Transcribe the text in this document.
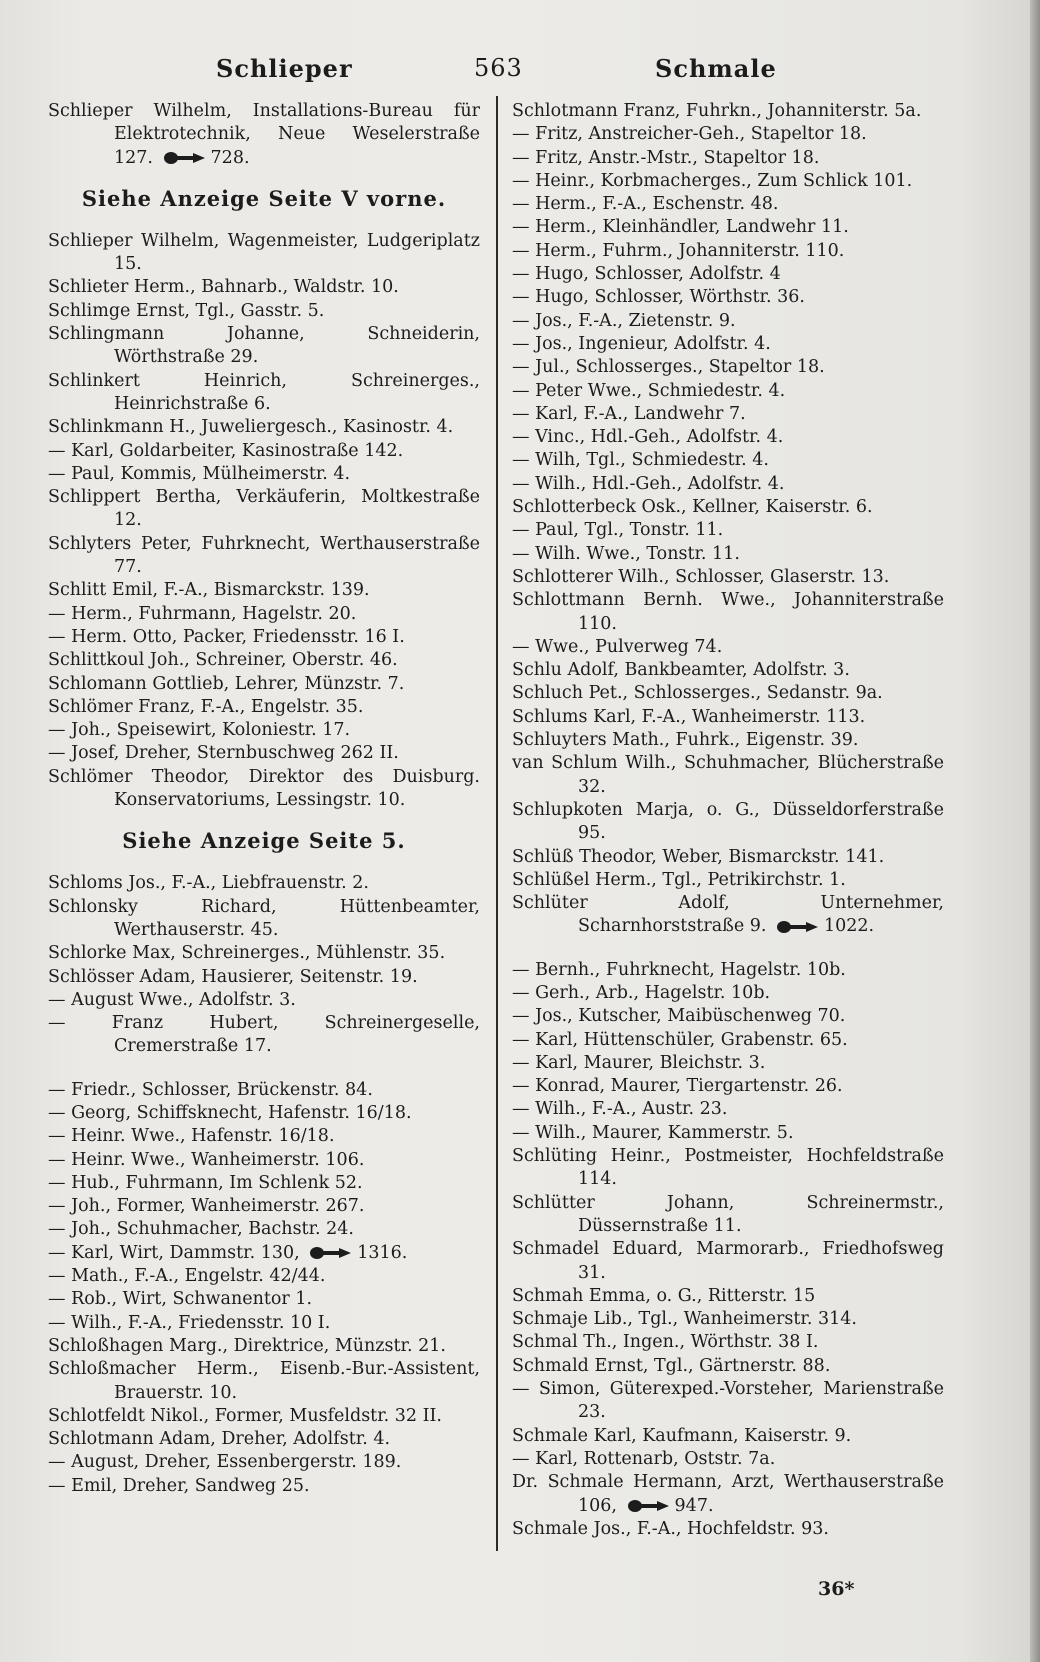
Schlieper	563	Schmale
Schlieper Wilhelm, Installations-Bureau für Elektrotechnik, Neue Weselerstraße 127.	728.
Siehe Anzeige Seite V vorne.
Schlieper Wilhelm, Wagenmeister, Ludgeriplatz 15.
Schlieter Herm., Bahnarb., Waldstr. 10.
Schlimge Ernst, Tgl., Gasstr. 5.
Schlingmann Johanne, Schneiderin, Wörthstraße 29.
Schlinkert Heinrich, Schreinerges., Heinrichstraße 6.
Schlinkmann H., Juweliergesch., Kasinostr. 4.
— Karl, Goldarbeiter, Kasinostraße 142.
— Paul, Kommis, Mülheimerstr. 4.
Schlippert Bertha, Verkäuferin, Moltkestraße 12.
Schlyters Peter, Fuhrknecht, Werthauserstraße 77.
Schlitt Emil, F.-A., Bismarckstr. 139.
— Herm., Fuhrmann, Hagelstr. 20.
— Herm. Otto, Packer, Friedensstr. 16 I.
Schlittkoul Joh., Schreiner, Oberstr. 46.
Schlomann Gottlieb, Lehrer, Münzstr. 7.
Schlömer Franz, F.-A., Engelstr. 35.
— Joh., Speisewirt, Koloniestr. 17.
— Josef, Dreher, Sternbuschweg 262 II.
Schlömer Theodor, Direktor des Duisburg. Konservatoriums, Lessingstr. 10.
Siehe Anzeige Seite 5.
Schloms Jos., F.-A., Liebfrauenstr. 2.
Schlonsky Richard, Hüttenbeamter, Werthauserstr. 45.
Schlorke Max, Schreinerges., Mühlenstr. 35.
Schlösser Adam, Hausierer, Seitenstr. 19.
— August Wwe., Adolfstr. 3.
— Franz Hubert, Schreinergeselle, Cremerstraße 17.
— Friedr., Schlosser, Brückenstr. 84.
— Georg, Schiffsknecht, Hafenstr. 16/18.
— Heinr. Wwe., Hafenstr. 16/18.
— Heinr. Wwe., Wanheimerstr. 106.
— Hub., Fuhrmann, Im Schlenk 52.
— Joh., Former, Wanheimerstr. 267.
— Joh., Schuhmacher, Bachstr. 24.
— Karl, Wirt, Dammstr. 130,	1316.
— Math., F.-A., Engelstr. 42/44.
— Rob., Wirt, Schwanentor 1.
— Wilh., F.-A., Friedensstr. 10 I.
Schloßhagen Marg., Direktrice, Münzstr. 21.
Schloßmacher Herm., Eisenb.-Bur.-Assistent, Brauerstr. 10.
Schlotfeldt Nikol., Former, Musfeldstr. 32 II.
Schlotmann Adam, Dreher, Adolfstr. 4.
— August, Dreher, Essenbergerstr. 189.
— Emil, Dreher, Sandweg 25.
Schlotmann Franz, Fuhrkn., Johanniterstr. 5a.
— Fritz, Anstreicher-Geh., Stapeltor 18.
— Fritz, Anstr.-Mstr., Stapeltor 18.
— Heinr., Korbmacherges., Zum Schlick 101.
— Herm., F.-A., Eschenstr. 48.
— Herm., Kleinhändler, Landwehr 11.
— Herm., Fuhrm., Johanniterstr. 110.
— Hugo, Schlosser, Adolfstr. 4
— Hugo, Schlosser, Wörthstr. 36.
— Jos., F.-A., Zietenstr. 9.
— Jos., Ingenieur, Adolfstr. 4.
— Jul., Schlosserges., Stapeltor 18.
— Peter Wwe., Schmiedestr. 4.
— Karl, F.-A., Landwehr 7.
— Vinc., Hdl.-Geh., Adolfstr. 4.
— Wilh, Tgl., Schmiedestr. 4.
— Wilh., Hdl.-Geh., Adolfstr. 4.
Schlotterbeck Osk., Kellner, Kaiserstr. 6.
— Paul, Tgl., Tonstr. 11.
— Wilh. Wwe., Tonstr. 11.
Schlotterer Wilh., Schlosser, Glaserstr. 13.
Schlottmann Bernh. Wwe., Johanniterstraße 110.
— Wwe., Pulverweg 74.
Schlu Adolf, Bankbeamter, Adolfstr. 3.
Schluch Pet., Schlosserges., Sedanstr. 9a.
Schlums Karl, F.-A., Wanheimerstr. 113.
Schluyters Math., Fuhrk., Eigenstr. 39.
van Schlum Wilh., Schuhmacher, Blücherstraße 32.
Schlupkoten Marja, o. G., Düsseldorferstraße 95.
Schlüß Theodor, Weber, Bismarckstr. 141.
Schlüßel Herm., Tgl., Petrikirchstr. 1.
Schlüter Adolf, Unternehmer, Scharnhorststraße 9.	1022.
— Bernh., Fuhrknecht, Hagelstr. 10b.
— Gerh., Arb., Hagelstr. 10b.
— Jos., Kutscher, Maibüschenweg 70.
— Karl, Hüttenschüler, Grabenstr. 65.
— Karl, Maurer, Bleichstr. 3.
— Konrad, Maurer, Tiergartenstr. 26.
— Wilh., F.-A., Austr. 23.
— Wilh., Maurer, Kammerstr. 5.
Schlüting Heinr., Postmeister, Hochfeldstraße 114.
Schlütter Johann, Schreinermstr., Düssernstraße 11.
Schmadel Eduard, Marmorarb., Friedhofsweg 31.
Schmah Emma, o. G., Ritterstr. 15
Schmaje Lib., Tgl., Wanheimerstr. 314.
Schmal Th., Ingen., Wörthstr. 38 I.
Schmald Ernst, Tgl., Gärtnerstr. 88.
— Simon, Güterexped.-Vorsteher, Marienstraße 23.
Schmale Karl, Kaufmann, Kaiserstr. 9.
— Karl, Rottenarb, Oststr. 7a.
Dr. Schmale Hermann, Arzt, Werthauserstraße 106,	947.
Schmale Jos., F.-A., Hochfeldstr. 93.
36*
